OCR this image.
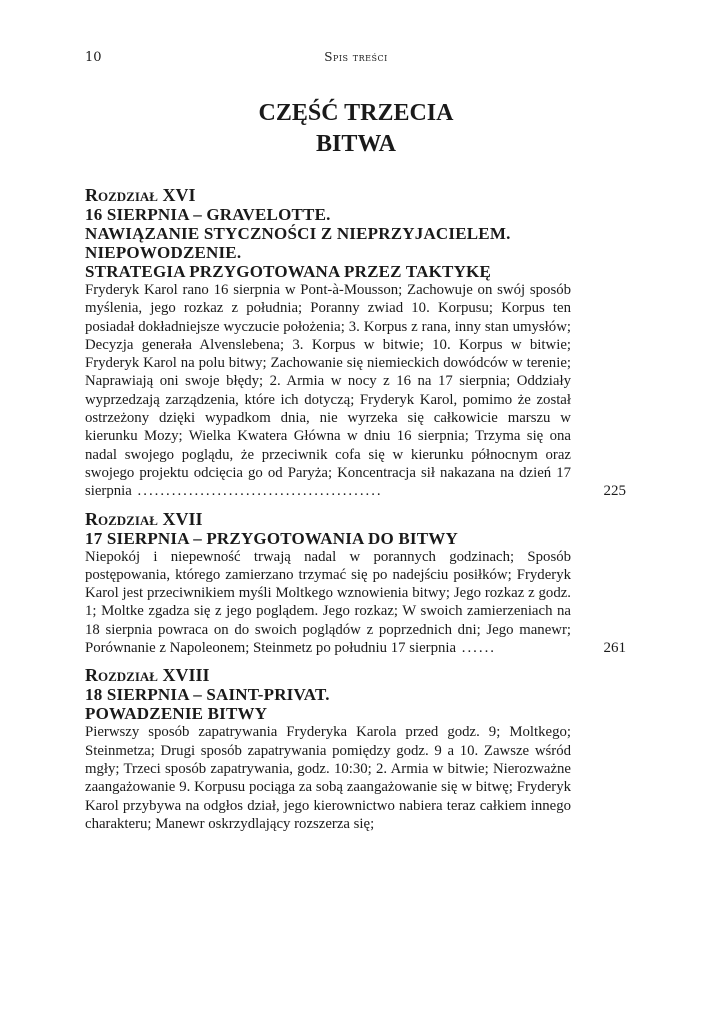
10	Spis treści
CZĘŚĆ TRZECIA
BITWA
Rozdział XVI
16 SIERPNIA – GRAVELOTTE.
NAWIĄZANIE STYCZNOŚCI Z NIEPRZYJACIELEM.
NIEPOWODZENIE.
STRATEGIA PRZYGOTOWANA PRZEZ TAKTYKĘ
Fryderyk Karol rano 16 sierpnia w Pont-à-Mousson; Zachowuje on swój sposób myślenia, jego rozkaz z południa; Poranny zwiad 10. Korpusu; Korpus ten posiadał dokładniejsze wyczucie położenia; 3. Korpus z rana, inny stan umysłów; Decyzja generała Alvenslebena; 3. Korpus w bitwie; 10. Korpus w bitwie; Fryderyk Karol na polu bitwy; Zachowanie się niemieckich dowódców w terenie; Naprawiają oni swoje błędy; 2. Armia w nocy z 16 na 17 sierpnia; Oddziały wyprzedzają zarządzenia, które ich dotyczą; Fryderyk Karol, pomimo że został ostrzeżony dzięki wypadkom dnia, nie wyrzeka się całkowicie marszu w kierunku Mozy; Wielka Kwatera Główna w dniu 16 sierpnia; Trzyma się ona nadal swojego poglądu, że przeciwnik cofa się w kierunku północnym oraz swojego projektu odcięcia go od Paryża; Koncentracja sił nakazana na dzień 17 sierpnia ...........................................	225
Rozdział XVII
17 SIERPNIA – PRZYGOTOWANIA DO BITWY
Niepokój i niepewność trwają nadal w porannych godzinach; Sposób postępowania, którego zamierzano trzymać się po nadejściu posiłków; Fryderyk Karol jest przeciwnikiem myśli Moltkego wznowienia bitwy; Jego rozkaz z godz. 1; Moltke zgadza się z jego poglądem. Jego rozkaz; W swoich zamierzeniach na 18 sierpnia powraca on do swoich poglądów z poprzednich dni; Jego manewr; Porównanie z Napoleonem; Steinmetz po południu 17 sierpnia ......	261
Rozdział XVIII
18 SIERPNIA – SAINT-PRIVAT.
POWADZENIE BITWY
Pierwszy sposób zapatrywania Fryderyka Karola przed godz. 9; Moltkego; Steinmetza; Drugi sposób zapatrywania pomiędzy godz. 9 a 10. Zawsze wśród mgły; Trzeci sposób zapatrywania, godz. 10:30; 2. Armia w bitwie; Nierozważne zaangażowanie 9. Korpusu pociąga za sobą zaangażowanie się w bitwę; Fryderyk Karol przybywa na odgłos dział, jego kierownictwo nabiera teraz całkiem innego charakteru; Manewr oskrzydlający rozszerza się;
